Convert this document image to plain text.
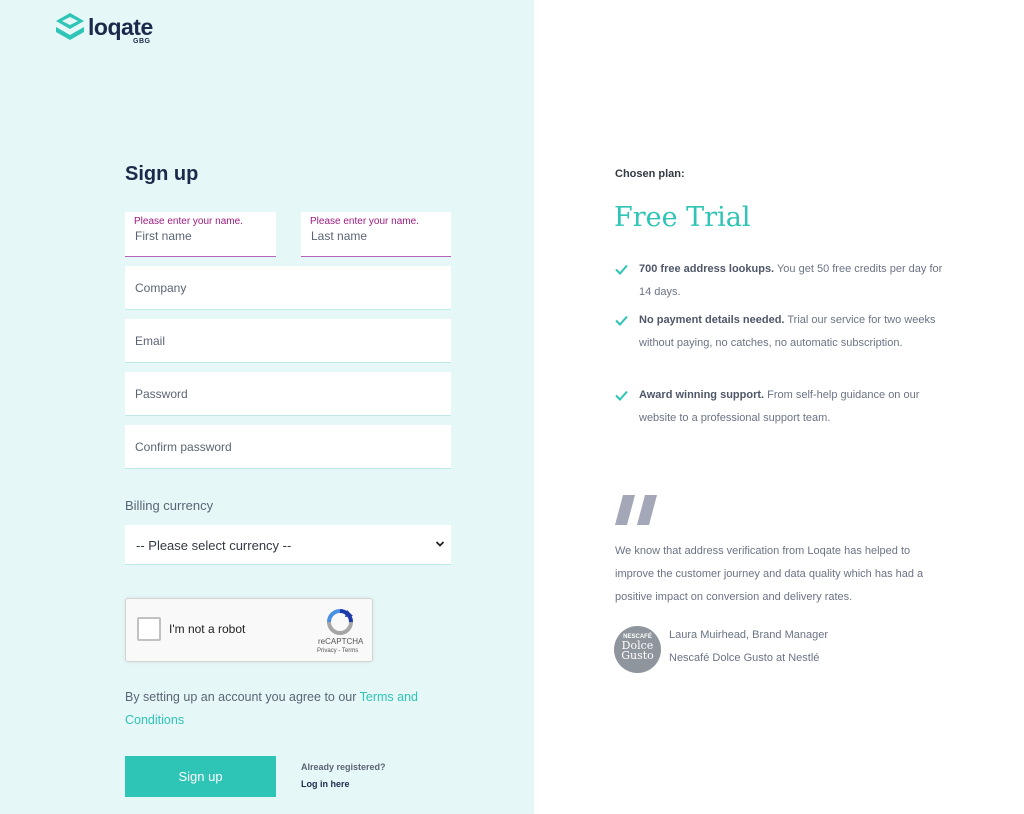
loqate
GBG
Sign up
Please enter your name.
First name
Please enter your name.
Last name
Company
Email
Password
Confirm password
Billing currency
-- Please select currency --
I'm not a robot
reCAPTCHA
Privacy - Terms

By setting up an account you agree to our Terms and Conditions

Sign up
Already registered?
Log in here
Chosen plan:
Free Trial
700 free address lookups. You get 50 free credits per day for 14 days.
No payment details needed. Trial our service for two weeks without paying, no catches, no automatic subscription.
Award winning support. From self-help guidance on our website to a professional support team.

We know that address verification from Loqate has helped to improve the customer journey and data quality which has had a positive impact on conversion and delivery rates.

NESCAFÉ
Dolce Gusto
Laura Muirhead, Brand Manager
Nescafé Dolce Gusto at Nestlé
